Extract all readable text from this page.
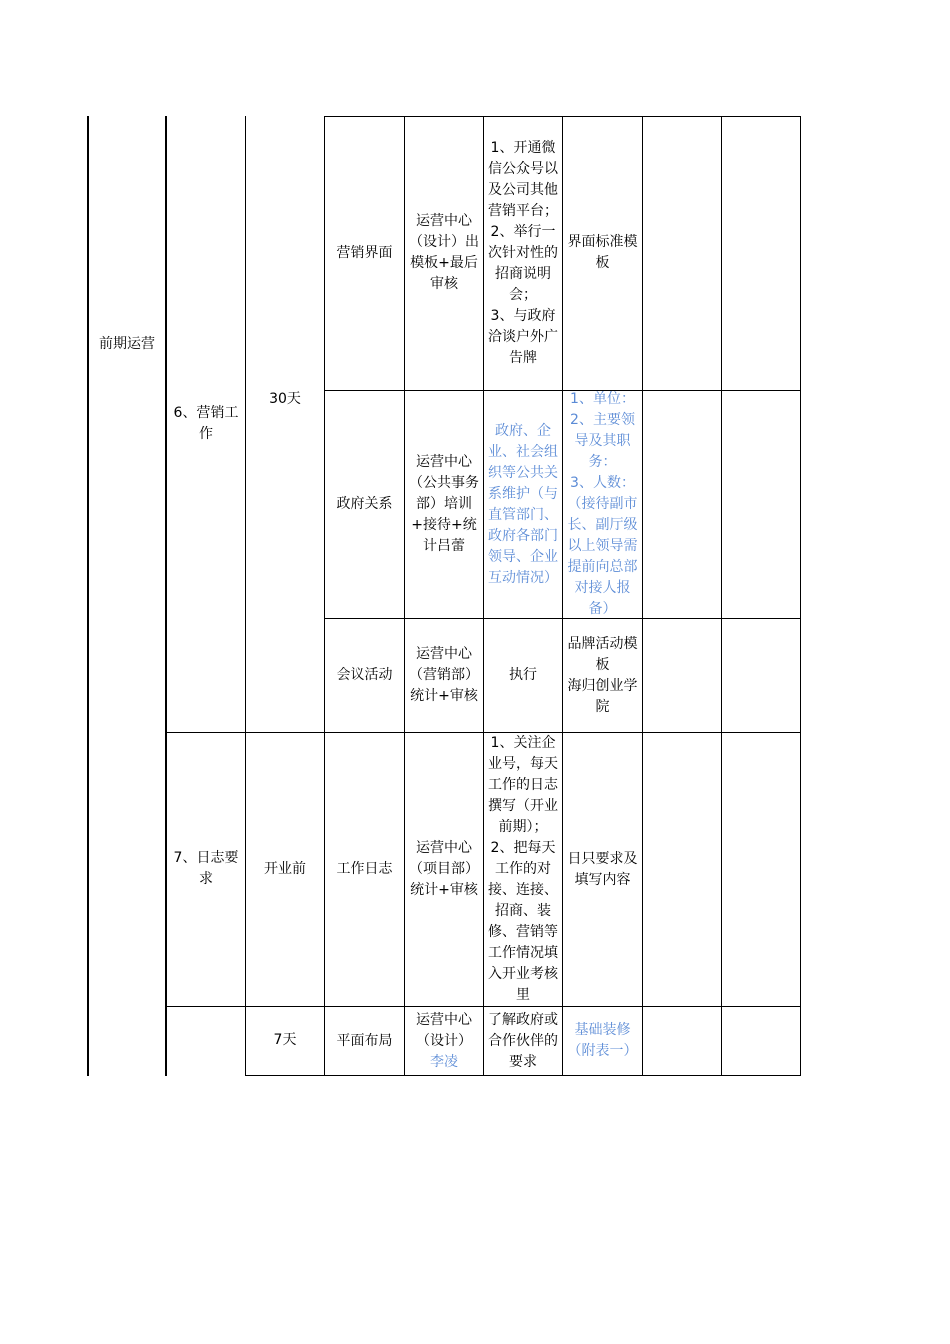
前期运营
6、营销工作
30天
7、日志要求
开业前
7天
营销界面
运营中心（设计）出模板+最后审核
1、开通微信公众号以及公司其他营销平台；
2、举行一次针对性的招商说明会；
3、与政府洽谈户外广告牌
界面标准模板
政府关系
运营中心（公共事务部）培训+接待+统计吕蕾
政府、企业、社会组织等公共关系维护（与直管部门、政府各部门领导、企业互动情况）
1、单位：
2、主要领导及其职务：
3、人数：（接待副市长、副厅级以上领导需提前向总部对接人报备）
会议活动
运营中心（营销部）统计+审核
执行
品牌活动模板
海归创业学院
工作日志
运营中心（项目部）统计+审核
1、关注企业号，每天工作的日志撰写（开业前期）；
2、把每天工作的对接、连接、招商、装修、营销等工作情况填入开业考核里
日只要求及填写内容
平面布局
运营中心（设计）
李凌
了解政府或合作伙伴的要求
基础装修（附表一）
